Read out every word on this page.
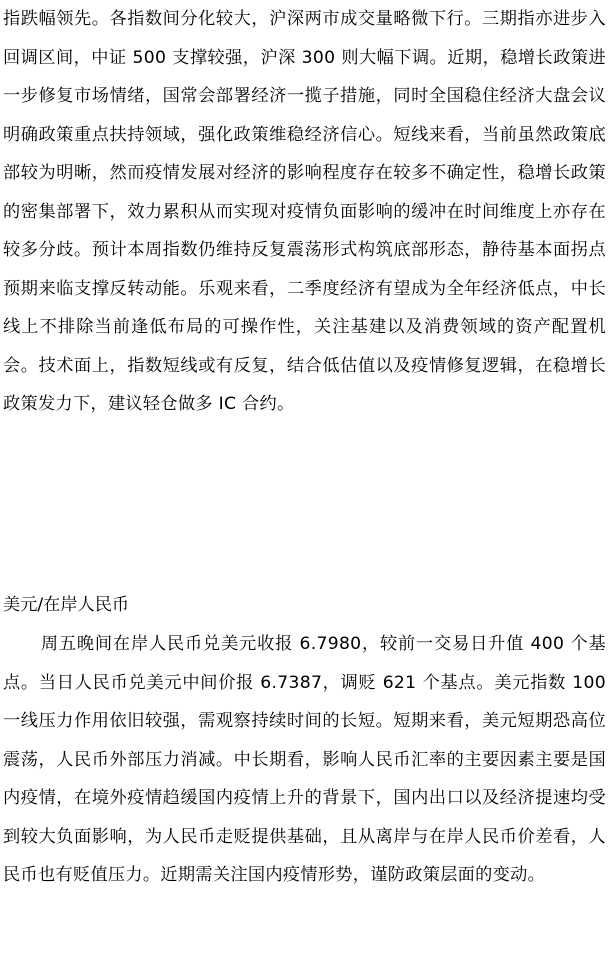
指跌幅领先。各指数间分化较大，沪深两市成交量略微下行。三期指亦进步入回调区间，中证 500 支撑较强，沪深 300 则大幅下调。近期，稳增长政策进一步修复市场情绪，国常会部署经济一揽子措施，同时全国稳住经济大盘会议明确政策重点扶持领域，强化政策维稳经济信心。短线来看，当前虽然政策底部较为明晰，然而疫情发展对经济的影响程度存在较多不确定性，稳增长政策的密集部署下，效力累积从而实现对疫情负面影响的缓冲在时间维度上亦存在较多分歧。预计本周指数仍维持反复震荡形式构筑底部形态，静待基本面拐点预期来临支撑反转动能。乐观来看，二季度经济有望成为全年经济低点，中长线上不排除当前逢低布局的可操作性，关注基建以及消费领域的资产配置机会。技术面上，指数短线或有反复，结合低估值以及疫情修复逻辑，在稳增长政策发力下，建议轻仓做多 IC 合约。

美元/在岸人民币

周五晚间在岸人民币兑美元收报 6.7980，较前一交易日升值 400 个基点。当日人民币兑美元中间价报 6.7387，调贬 621 个基点。美元指数 100 一线压力作用依旧较强，需观察持续时间的长短。短期来看，美元短期恐高位震荡，人民币外部压力消减。中长期看，影响人民币汇率的主要因素主要是国内疫情，在境外疫情趋缓国内疫情上升的背景下，国内出口以及经济提速均受到较大负面影响，为人民币走贬提供基础，且从离岸与在岸人民币价差看，人民币也有贬值压力。近期需关注国内疫情形势，谨防政策层面的变动。
